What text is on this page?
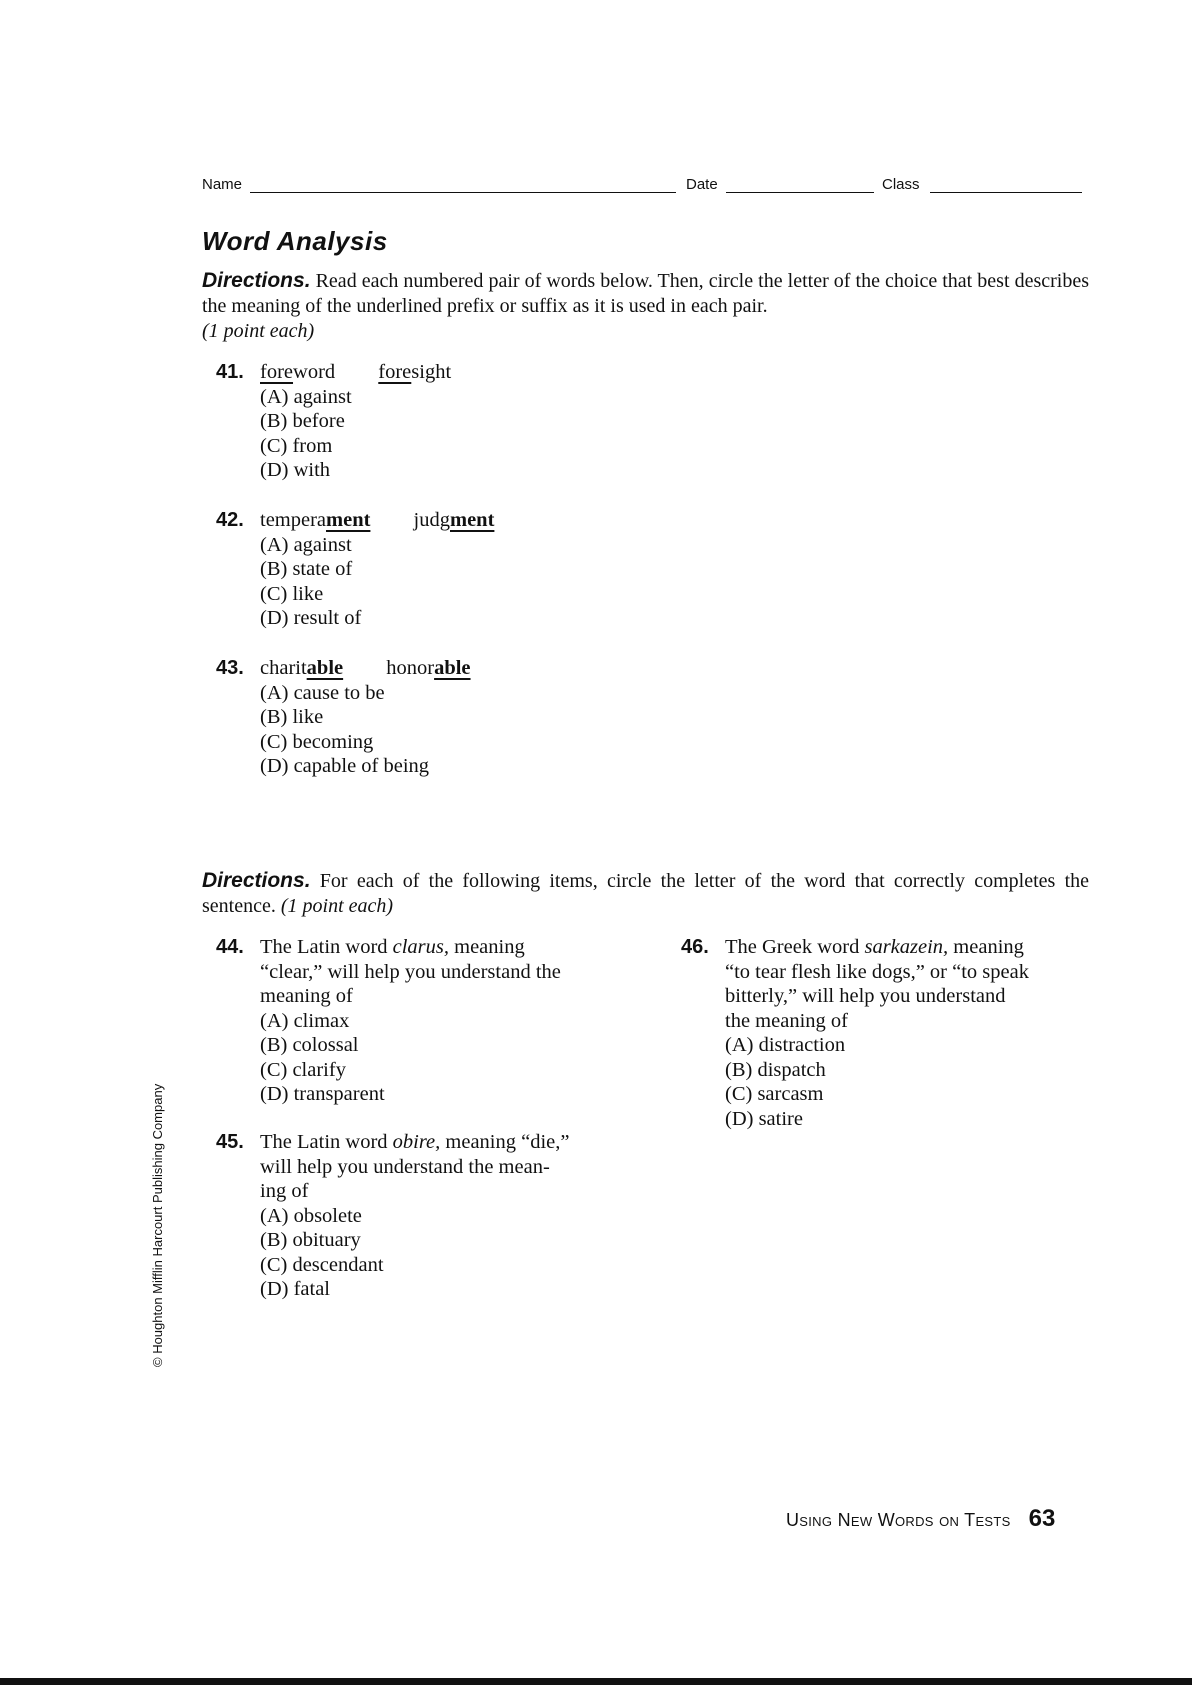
Name	Date	Class
Word Analysis
Directions. Read each numbered pair of words below. Then, circle the letter of the choice that best describes the meaning of the underlined prefix or suffix as it is used in each pair.
(1 point each)
41. foreword foresight
(A) against
(B) before
(C) from
(D) with
42. temperament judgment
(A) against
(B) state of
(C) like
(D) result of
43. charitable honorable
(A) cause to be
(B) like
(C) becoming
(D) capable of being
Directions. For each of the following items, circle the letter of the word that correctly completes the sentence. (1 point each)
44. The Latin word clarus, meaning
“clear,” will help you understand the
meaning of
(A) climax
(B) colossal
(C) clarify
(D) transparent
45. The Latin word obire, meaning “die,”
will help you understand the mean-
ing of
(A) obsolete
(B) obituary
(C) descendant
(D) fatal
46. The Greek word sarkazein, meaning
“to tear flesh like dogs,” or “to speak
bitterly,” will help you understand
the meaning of
(A) distraction
(B) dispatch
(C) sarcasm
(D) satire
© Houghton Mifflin Harcourt Publishing Company
Using New Words on Tests 63
